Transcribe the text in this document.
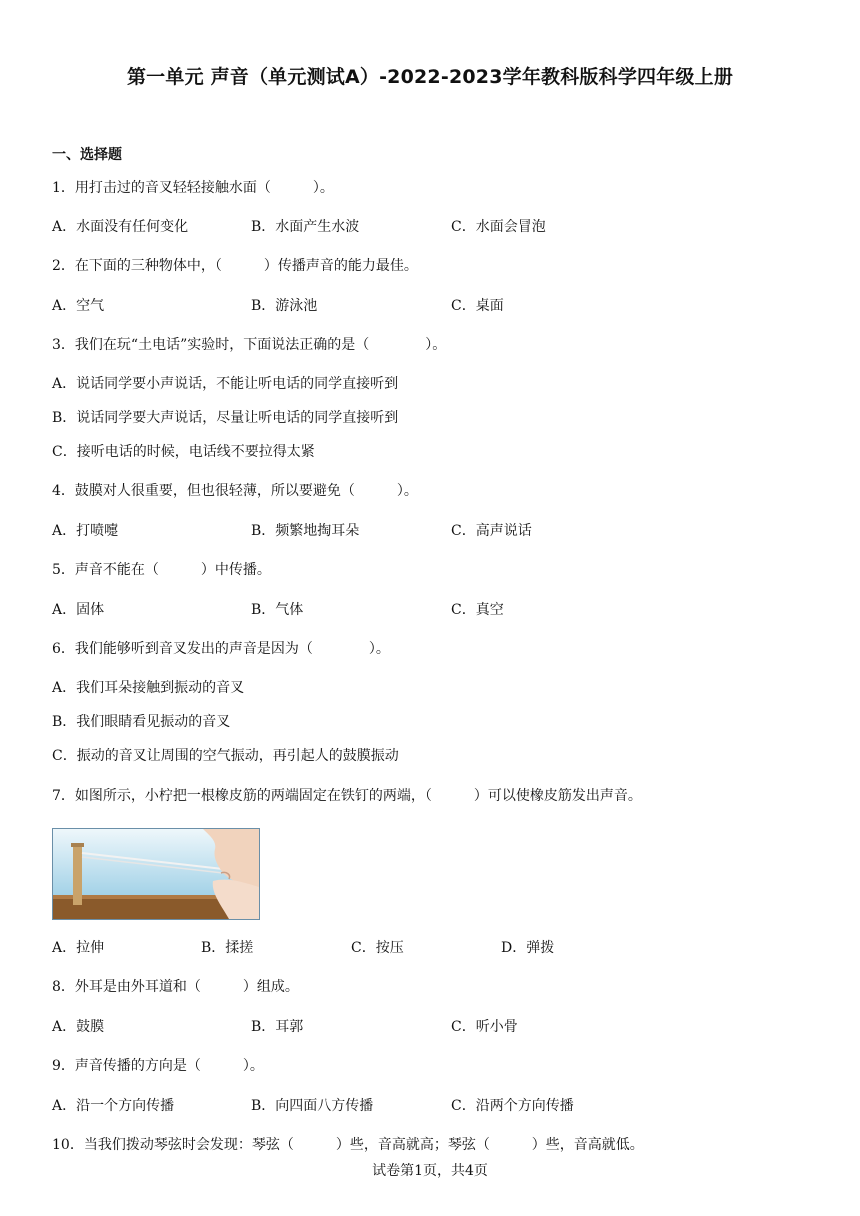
第一单元 声音（单元测试A）-2022-2023学年教科版科学四年级上册
一、选择题
1．用打击过的音叉轻轻接触水面（　　　）。
A．水面没有任何变化	B．水面产生水波	C．水面会冒泡
2．在下面的三种物体中，（　　　）传播声音的能力最佳。
A．空气	B．游泳池	C．桌面
3．我们在玩“土电话”实验时，下面说法正确的是（　　　　）。
A．说话同学要小声说话，不能让听电话的同学直接听到
B．说话同学要大声说话，尽量让听电话的同学直接听到
C．接听电话的时候，电话线不要拉得太紧
4．鼓膜对人很重要，但也很轻薄，所以要避免（　　　）。
A．打喷嚏	B．频繁地掏耳朵	C．高声说话
5．声音不能在（　　　）中传播。
A．固体	B．气体	C．真空
6．我们能够听到音叉发出的声音是因为（　　　　）。
A．我们耳朵接触到振动的音叉
B．我们眼睛看见振动的音叉
C．振动的音叉让周围的空气振动，再引起人的鼓膜振动
7．如图所示，小柠把一根橡皮筋的两端固定在铁钉的两端，（　　　）可以使橡皮筋发出声音。
A．拉伸	B．揉搓	C．按压	D．弹拨
8．外耳是由外耳道和（　　　）组成。
A．鼓膜	B．耳郭	C．听小骨
9．声音传播的方向是（　　　）。
A．沿一个方向传播	B．向四面八方传播	C．沿两个方向传播
10．当我们拨动琴弦时会发现：琴弦（　　　）些，音高就高；琴弦（　　　）些，音高就低。
试卷第1页，共4页
